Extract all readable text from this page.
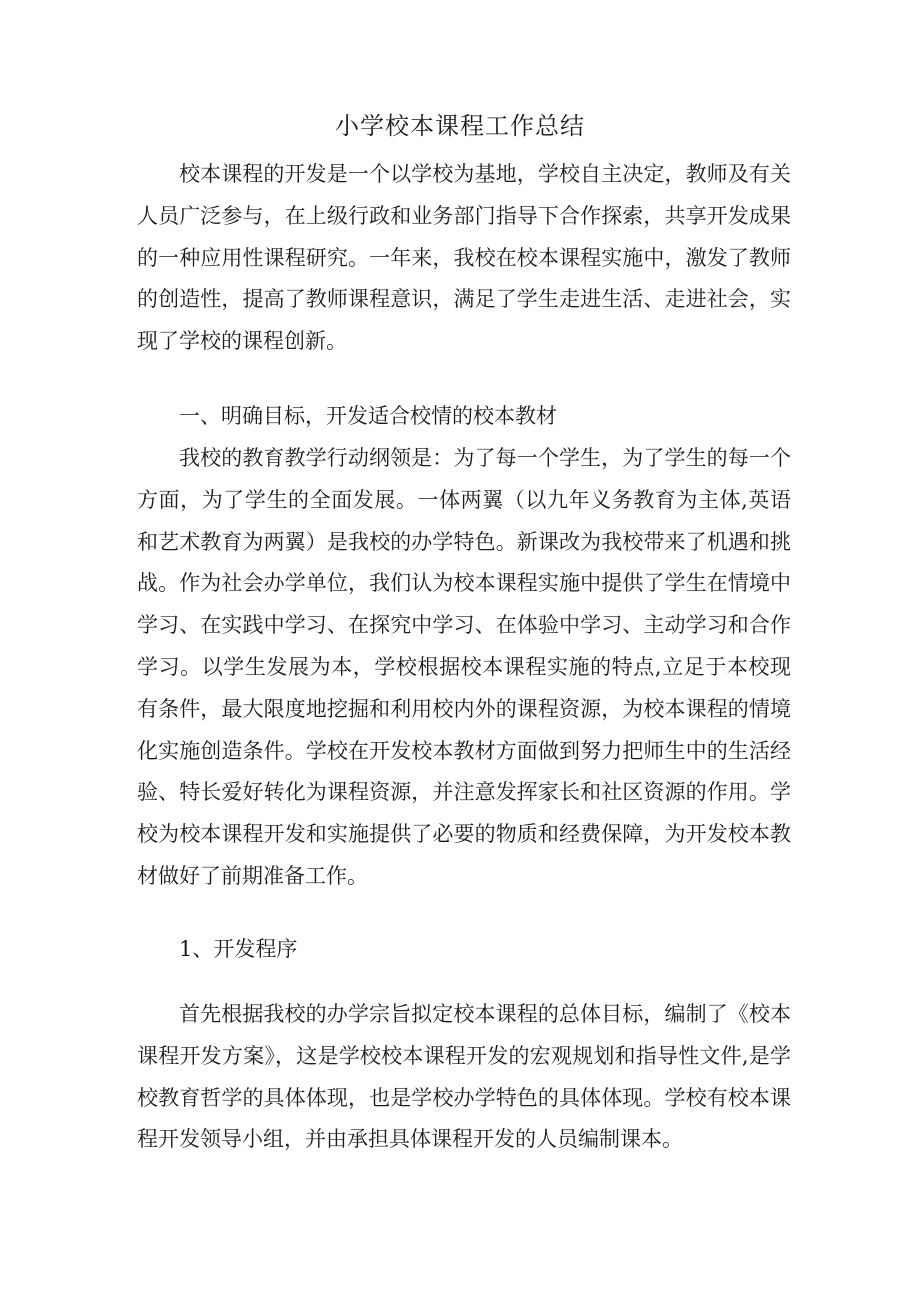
小学校本课程工作总结

校本课程的开发是一个以学校为基地，学校自主决定，教师及有关人员广泛参与，在上级行政和业务部门指导下合作探索，共享开发成果的一种应用性课程研究。一年来，我校在校本课程实施中，激发了教师的创造性，提高了教师课程意识，满足了学生走进生活、走进社会，实现了学校的课程创新。

一、明确目标，开发适合校情的校本教材

我校的教育教学行动纲领是：为了每一个学生，为了学生的每一个方面，为了学生的全面发展。一体两翼（以九年义务教育为主体,英语和艺术教育为两翼）是我校的办学特色。新课改为我校带来了机遇和挑战。作为社会办学单位，我们认为校本课程实施中提供了学生在情境中学习、在实践中学习、在探究中学习、在体验中学习、主动学习和合作学习。以学生发展为本，学校根据校本课程实施的特点,立足于本校现有条件，最大限度地挖掘和利用校内外的课程资源，为校本课程的情境化实施创造条件。学校在开发校本教材方面做到努力把师生中的生活经验、特长爱好转化为课程资源，并注意发挥家长和社区资源的作用。学校为校本课程开发和实施提供了必要的物质和经费保障，为开发校本教材做好了前期准备工作。

1、开发程序

首先根据我校的办学宗旨拟定校本课程的总体目标，编制了《校本课程开发方案》，这是学校校本课程开发的宏观规划和指导性文件,是学校教育哲学的具体体现，也是学校办学特色的具体体现。学校有校本课程开发领导小组，并由承担具体课程开发的人员编制课本。
